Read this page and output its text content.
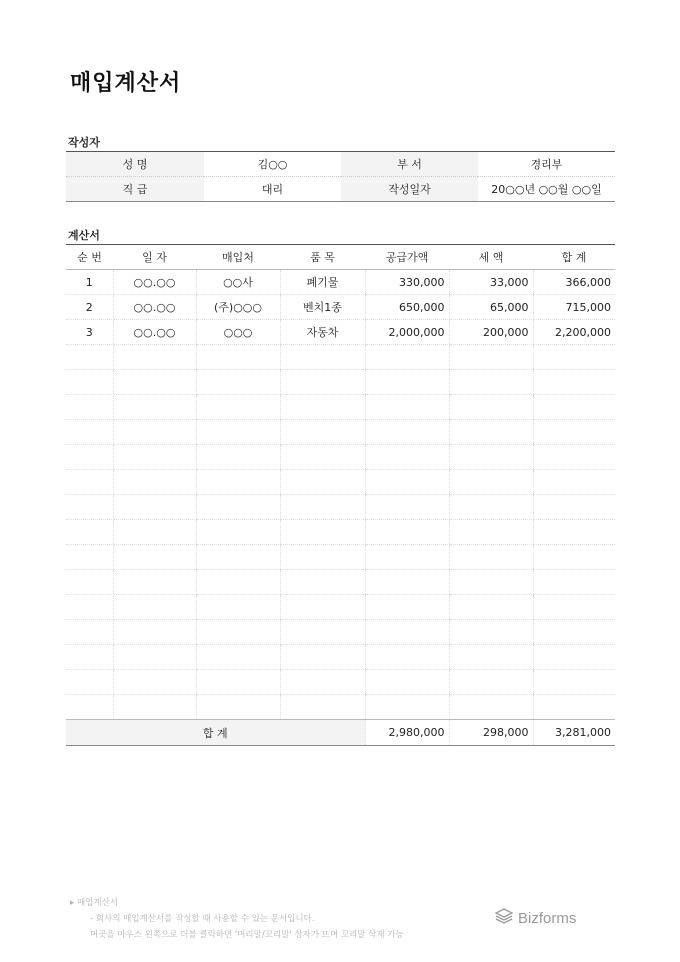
매입계산서
작성자
성 명	김○○	부 서	경리부
직 급	대리	작성일자	20○○년 ○○월 ○○일
계산서
순 번	일 자	매입처	품 목	공급가액	세 액	합 계
1	○○.○○	○○사	폐기물	330,000	33,000	366,000
2	○○.○○	(주)○○○	벤치1종	650,000	65,000	715,000
3	○○.○○	○○○	자동차	2,000,000	200,000	2,200,000

합 계				2,980,000	298,000	3,281,000
▸ 매입계산서
- 회사의 매입계산서를 작성할 때 사용할 수 있는 문서입니다.
머곳을 마우스 왼쪽으로 더블 클릭하면 '머리말/꼬리말' 상자가 뜨며 꼬리말 삭제 가능
Bizforms
